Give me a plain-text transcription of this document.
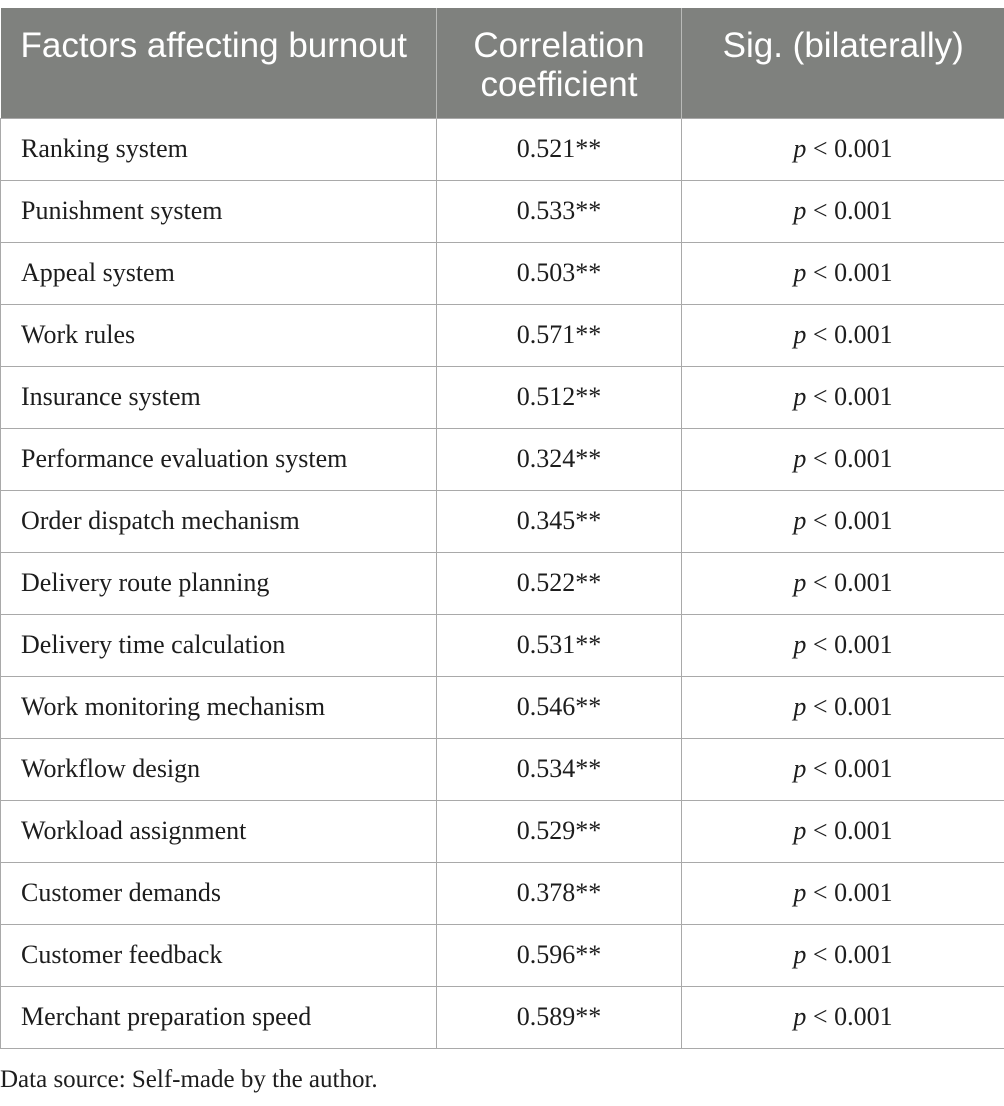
Factors affecting burnout	Correlation coefficient	Sig. (bilaterally)
Ranking system	0.521**	p < 0.001
Punishment system	0.533**	p < 0.001
Appeal system	0.503**	p < 0.001
Work rules	0.571**	p < 0.001
Insurance system	0.512**	p < 0.001
Performance evaluation system	0.324**	p < 0.001
Order dispatch mechanism	0.345**	p < 0.001
Delivery route planning	0.522**	p < 0.001
Delivery time calculation	0.531**	p < 0.001
Work monitoring mechanism	0.546**	p < 0.001
Workflow design	0.534**	p < 0.001
Workload assignment	0.529**	p < 0.001
Customer demands	0.378**	p < 0.001
Customer feedback	0.596**	p < 0.001
Merchant preparation speed	0.589**	p < 0.001
Data source: Self-made by the author.
